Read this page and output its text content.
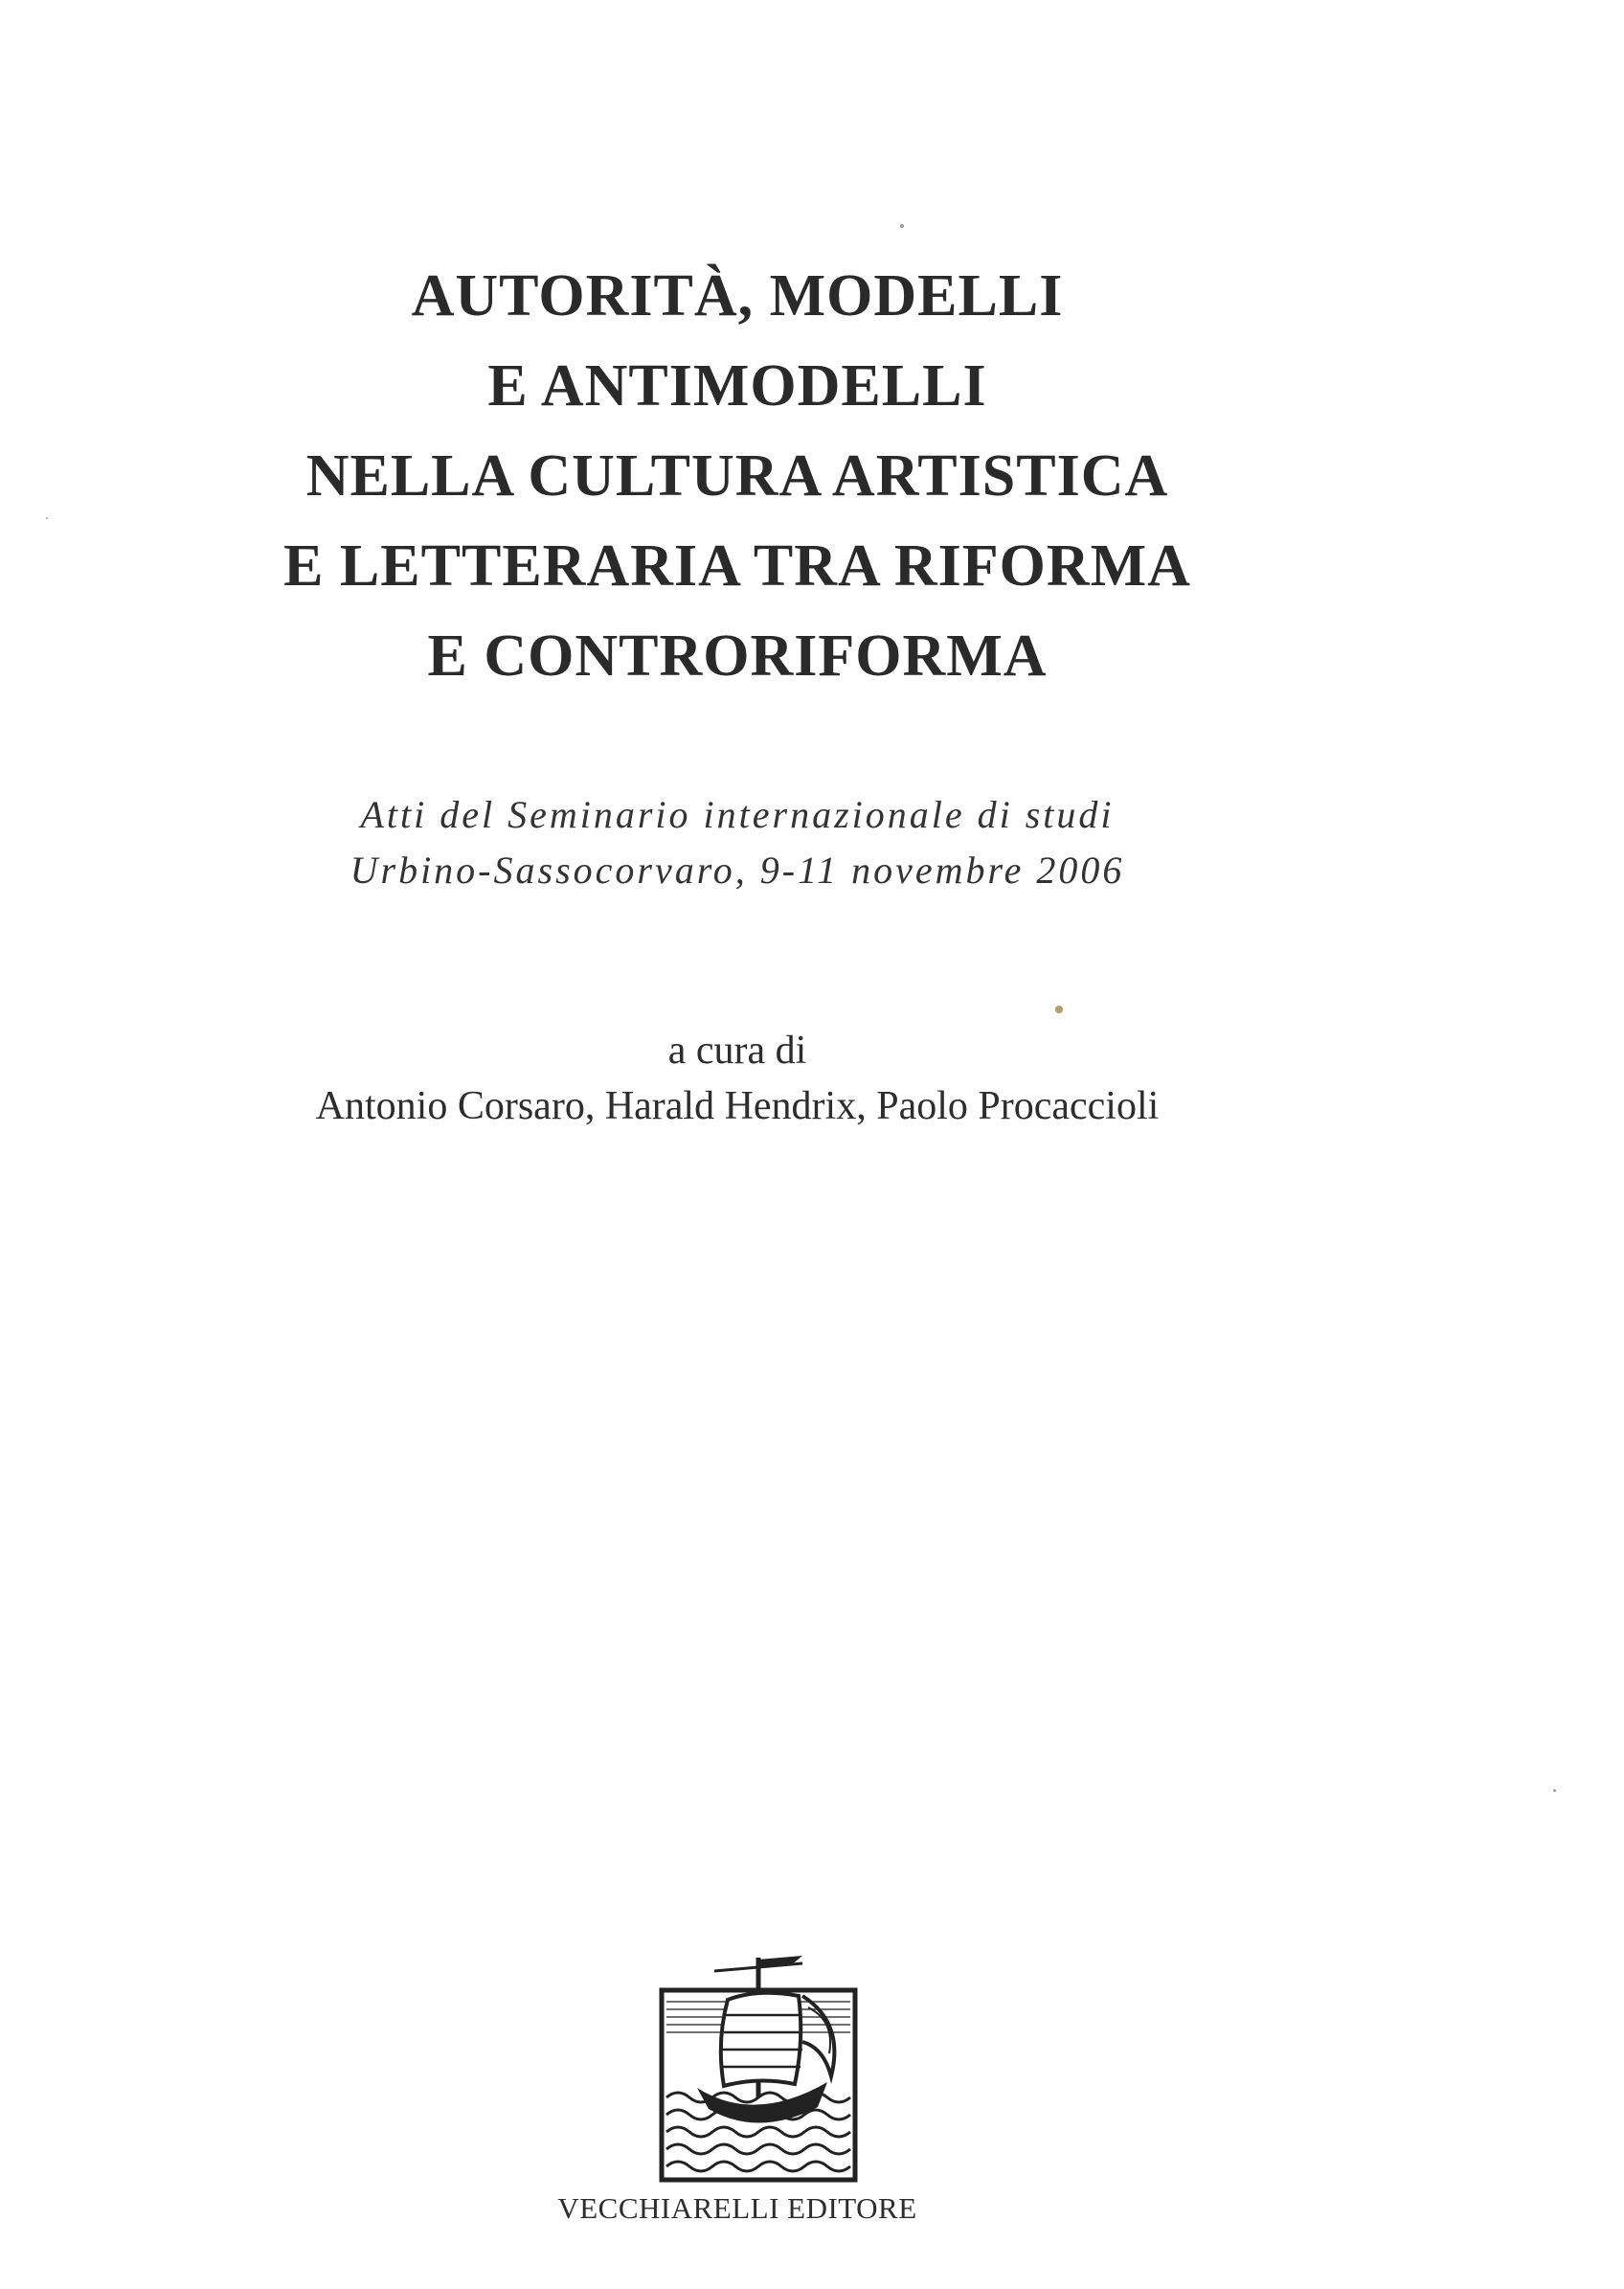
AUTORITÀ, MODELLI
E ANTIMODELLI
NELLA CULTURA ARTISTICA
E LETTERARIA TRA RIFORMA
E CONTRORIFORMA
Atti del Seminario internazionale di studi
Urbino-Sassocorvaro, 9-11 novembre 2006
a cura di
Antonio Corsaro, Harald Hendrix, Paolo Procaccioli
VECCHIARELLI EDITORE
